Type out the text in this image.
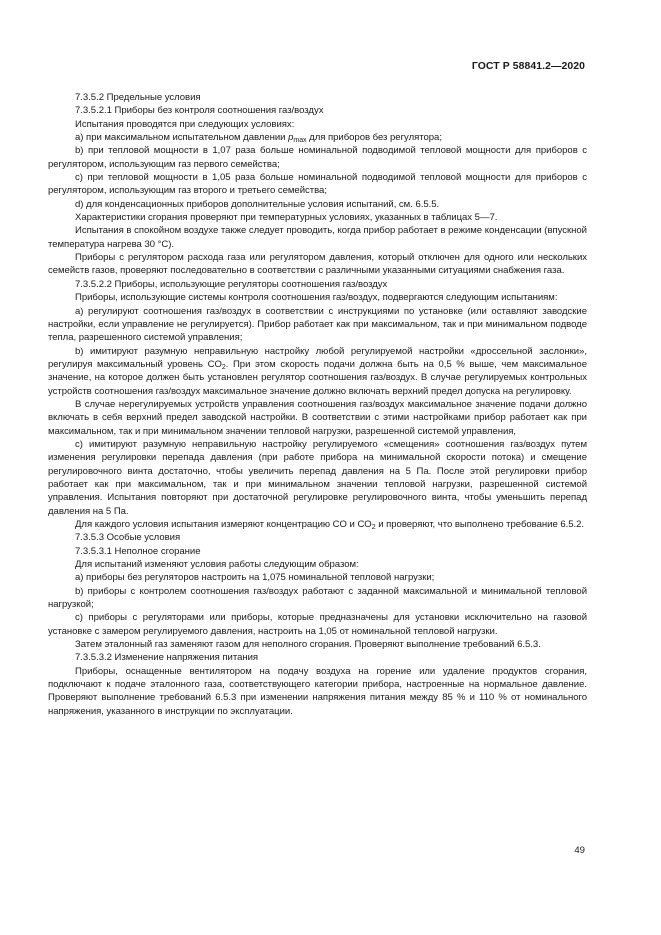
ГОСТ Р 58841.2—2020

7.3.5.2 Предельные условия

7.3.5.2.1 Приборы без контроля соотношения газ/воздух

Испытания проводятся при следующих условиях:

a) при максимальном испытательном давлении $p_{max}$ для приборов без регулятора;

b) при тепловой мощности в 1,07 раза больше номинальной подводимой тепловой мощности для приборов с регулятором, использующим газ первого семейства;

c) при тепловой мощности в 1,05 раза больше номинальной подводимой тепловой мощности для приборов с регулятором, использующим газ второго и третьего семейства;

d) для конденсационных приборов дополнительные условия испытаний, см. 6.5.5.

Характеристики сгорания проверяют при температурных условиях, указанных в таблицах 5—7.

Испытания в спокойном воздухе также следует проводить, когда прибор работает в режиме конденсации (впускной температура нагрева 30 °C).

Приборы с регулятором расхода газа или регулятором давления, который отключен для одного или нескольких семейств газов, проверяют последовательно в соответствии с различными указанными ситуациями снабжения газа.

7.3.5.2.2 Приборы, использующие регуляторы соотношения газ/воздух

Приборы, использующие системы контроля соотношения газ/воздух, подвергаются следующим испытаниям:

a) регулируют соотношения газ/воздух в соответствии с инструкциями по установке (или оставляют заводские настройки, если управление не регулируется). Прибор работает как при максимальном, так и при минимальном подводе тепла, разрешенного системой управления;

b) имитируют разумную неправильную настройку любой регулируемой настройки «дроссельной заслонки», регулируя максимальный уровень $CO_2$. При этом скорость подачи должна быть на 0,5 % выше, чем максимальное значение, на которое должен быть установлен регулятор соотношения газ/воздух. В случае регулируемых контрольных устройств соотношения газ/воздух максимальное значение должно включать верхний предел допуска на регулировку.

В случае нерегулируемых устройств управления соотношения газ/воздух максимальное значение подачи должно включать в себя верхний предел заводской настройки. В соответствии с этими настройками прибор работает как при максимальном, так и при минимальном значении тепловой нагрузки, разрешенной системой управления,

c) имитируют разумную неправильную настройку регулируемого «смещения» соотношения газ/воздух путем изменения регулировки перепада давления (при работе прибора на минимальной скорости потока) и смещение регулировочного винта достаточно, чтобы увеличить перепад давления на 5 Па. После этой регулировки прибор работает как при максимальном, так и при минимальном значении тепловой нагрузки, разрешенной системой управления. Испытания повторяют при достаточной регулировке регулировочного винта, чтобы уменьшить перепад давления на 5 Па.

Для каждого условия испытания измеряют концентрацию CO и $CO_2$ и проверяют, что выполнено требование 6.5.2.

7.3.5.3 Особые условия

7.3.5.3.1 Неполное сгорание

Для испытаний изменяют условия работы следующим образом:

a) приборы без регуляторов настроить на 1,075 номинальной тепловой нагрузки;

b) приборы с контролем соотношения газ/воздух работают с заданной максимальной и минимальной тепловой нагрузкой;

c) приборы с регуляторами или приборы, которые предназначены для установки исключительно на газовой установке с замером регулируемого давления, настроить на 1,05 от номинальной тепловой нагрузки.

Затем эталонный газ заменяют газом для неполного сгорания. Проверяют выполнение требований 6.5.3.

7.3.5.3.2 Изменение напряжения питания

Приборы, оснащенные вентилятором на подачу воздуха на горение или удаление продуктов сгорания, подключают к подаче эталонного газа, соответствующего категории прибора, настроенные на нормальное давление. Проверяют выполнение требований 6.5.3 при изменении напряжения питания между 85 % и 110 % от номинального напряжения, указанного в инструкции по эксплуатации.

49
